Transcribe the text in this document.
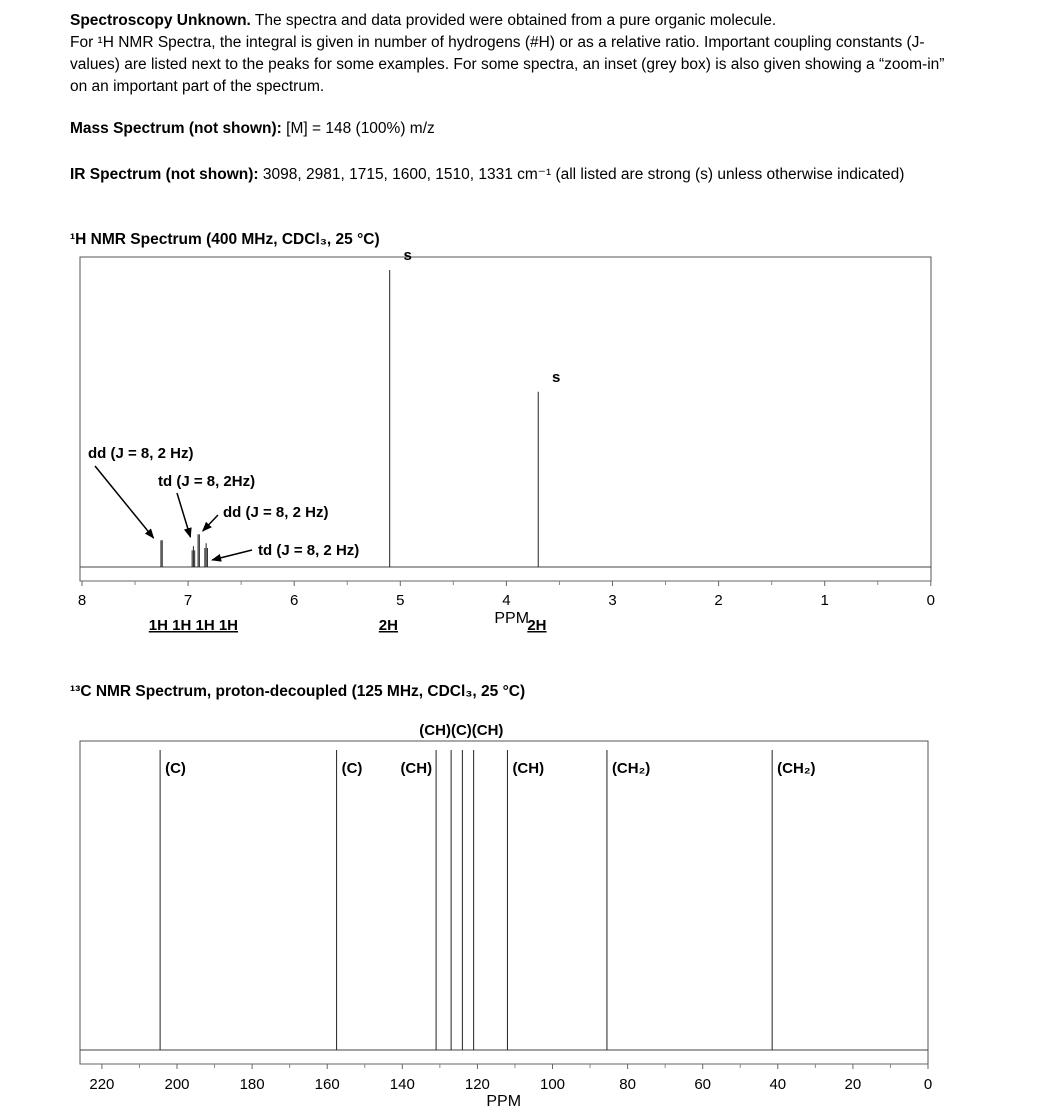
Spectroscopy Unknown. The spectra and data provided were obtained from a pure organic molecule.

For ¹H NMR Spectra, the integral is given in number of hydrogens (#H) or as a relative ratio. Important coupling constants (J-values) are listed next to the peaks for some examples. For some spectra, an inset (grey box) is also given showing a “zoom-in” on an important part of the spectrum.

Mass Spectrum (not shown): [M] = 148 (100%) m/z
IR Spectrum (not shown): 3098, 2981, 1715, 1600, 1510, 1331 cm⁻¹ (all listed are strong (s) unless otherwise indicated)
¹H NMR Spectrum (400 MHz, CDCl₃, 25 °C)
¹³C NMR Spectrum, proton-decoupled (125 MHz, CDCl₃, 25 °C)
8	7	6	5	4	3	2	1	0
PPM
s
s
dd (J = 8, 2 Hz)
td (J = 8, 2Hz)
dd (J = 8, 2 Hz)
td (J = 8, 2 Hz)
1H 1H 1H 1H	2H	2H
220	200	180	160	140	120	100	80	60	40	20	0
PPM
(C)	(C)	(CH)
(CH)(C)(CH)
(CH)	(CH₂)	(CH₂)
